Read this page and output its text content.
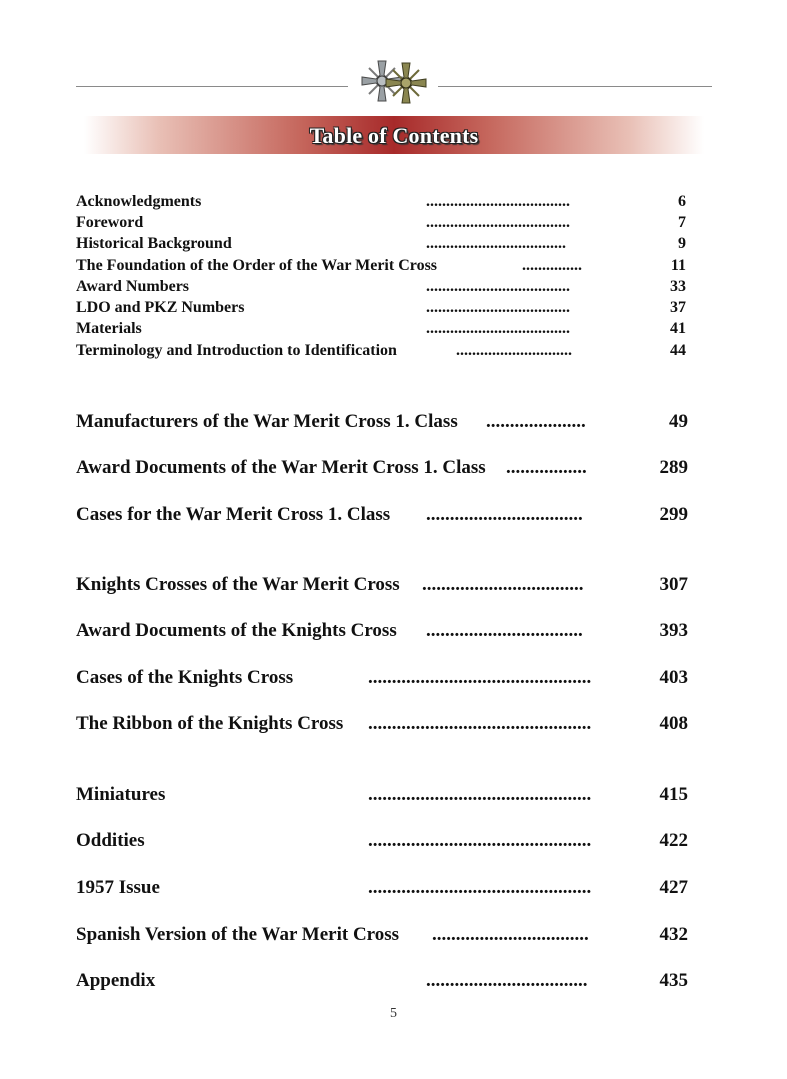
Table of Contents
Acknowledgments	....................................	6
Foreword	....................................	7
Historical Background	...................................	9
The Foundation of the Order of the War Merit Cross	...............	11
Award Numbers	....................................	33
LDO and PKZ Numbers	....................................	37
Materials	....................................	41
Terminology and Introduction to Identification	.............................	44
Manufacturers of the War Merit Cross 1. Class .....................	49
Award Documents of the War Merit Cross 1. Class .................	289
Cases for the War Merit Cross 1. Class .................................	299
Knights Crosses of the War Merit Cross ..................................	307
Award Documents of the Knights Cross .................................	393
Cases of the Knights Cross	...............................................	403
The Ribbon of the Knights Cross ...............................................	408
Miniatures	...............................................	415
Oddities	...............................................	422
1957 Issue	...............................................	427
Spanish Version of the War Merit Cross .................................	432
Appendix	..................................	435
5
